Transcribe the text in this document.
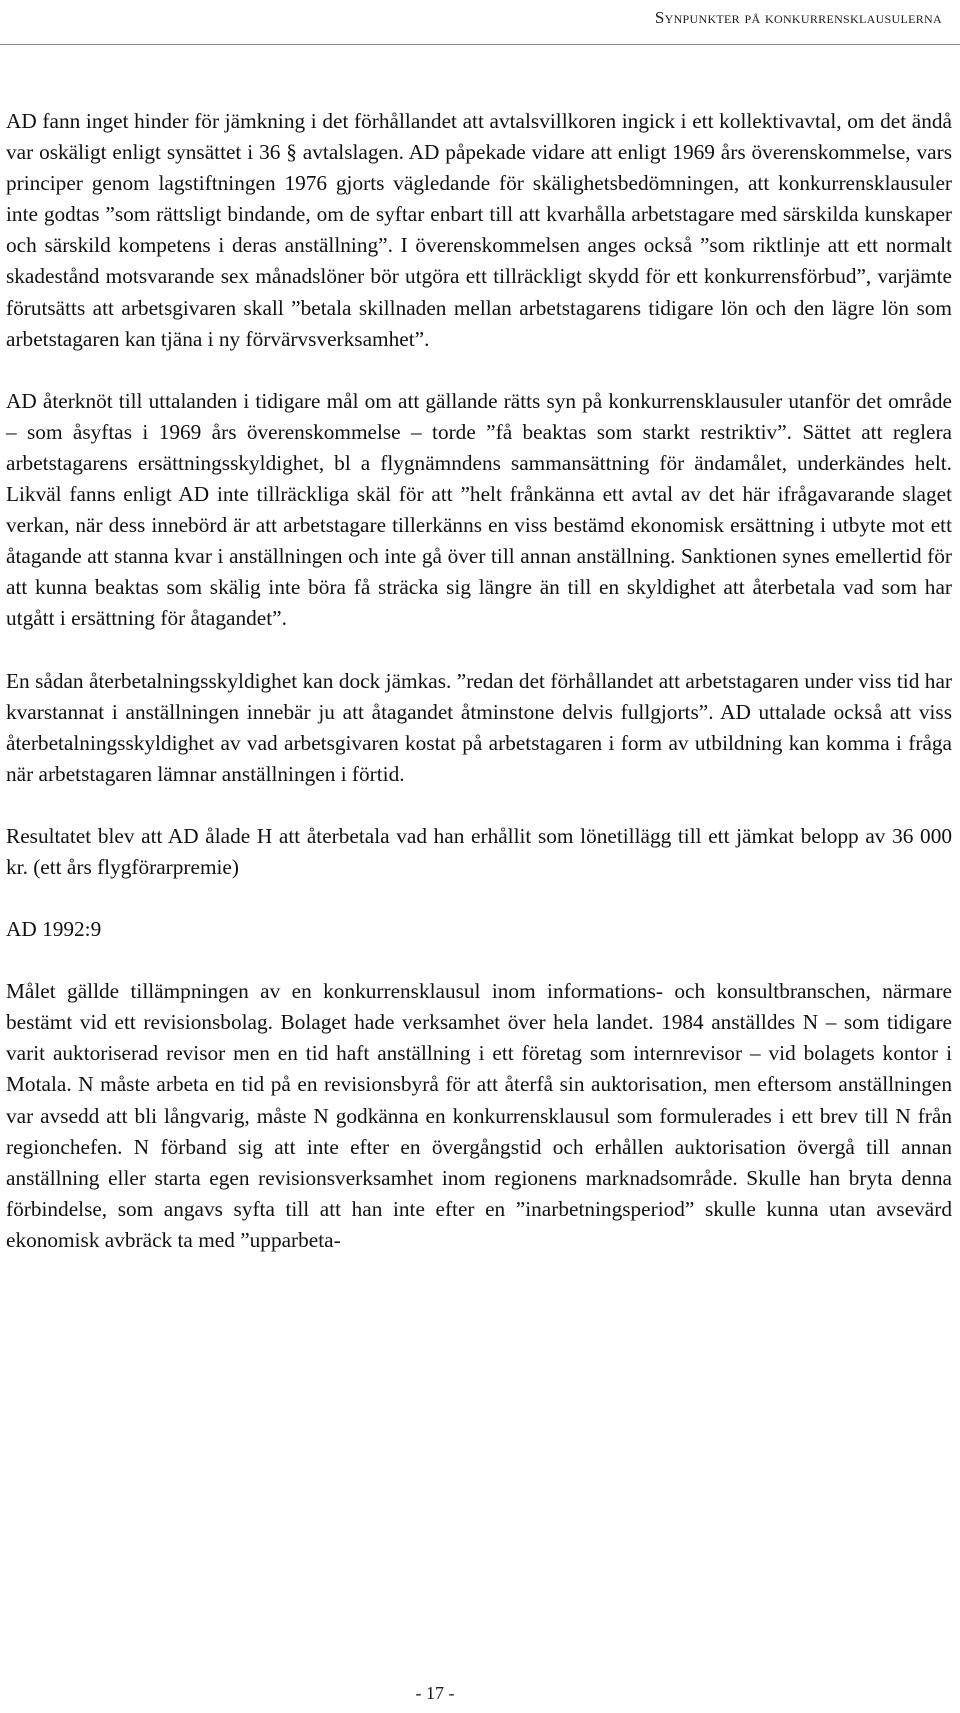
Synpunkter på konkurrensklausulerna

AD fann inget hinder för jämkning i det förhållandet att avtalsvillkoren ingick i ett kollektivavtal, om det ändå var oskäligt enligt synsättet i 36 § avtalslagen. AD påpekade vidare att enligt 1969 års överenskommelse, vars principer genom lagstiftningen 1976 gjorts vägledande för skälighetsbedömningen, att konkurrensklausuler inte godtas ”som rättsligt bindande, om de syftar enbart till att kvarhålla arbetstagare med särskilda kunskaper och särskild kompetens i deras anställning”. I överenskommelsen anges också ”som riktlinje att ett normalt skadestånd motsvarande sex månadslöner bör utgöra ett tillräckligt skydd för ett konkurrensförbud”, varjämte förutsätts att arbetsgivaren skall ”betala skillnaden mellan arbetstagarens tidigare lön och den lägre lön som arbetstagaren kan tjäna i ny förvärvsverksamhet”.

AD återknöt till uttalanden i tidigare mål om att gällande rätts syn på konkurrensklausuler utanför det område – som åsyftas i 1969 års överenskommelse – torde ”få beaktas som starkt restriktiv”. Sättet att reglera arbetstagarens ersättningsskyldighet, bl a flygnämndens sammansättning för ändamålet, underkändes helt. Likväl fanns enligt AD inte tillräckliga skäl för att ”helt frånkänna ett avtal av det här ifrågavarande slaget verkan, när dess innebörd är att arbetstagare tillerkänns en viss bestämd ekonomisk ersättning i utbyte mot ett åtagande att stanna kvar i anställningen och inte gå över till annan anställning. Sanktionen synes emellertid för att kunna beaktas som skälig inte böra få sträcka sig längre än till en skyldighet att återbetala vad som har utgått i ersättning för åtagandet”.

En sådan återbetalningsskyldighet kan dock jämkas. ”redan det förhållandet att arbetstagaren under viss tid har kvarstannat i anställningen innebär ju att åtagandet åtminstone delvis fullgjorts”. AD uttalade också att viss återbetalningsskyldighet av vad arbetsgivaren kostat på arbetstagaren i form av utbildning kan komma i fråga när arbetstagaren lämnar anställningen i förtid.

Resultatet blev att AD ålade H att återbetala vad han erhållit som lönetillägg till ett jämkat belopp av 36 000 kr. (ett års flygförarpremie)

AD 1992:9

Målet gällde tillämpningen av en konkurrensklausul inom informations- och konsultbranschen, närmare bestämt vid ett revisionsbolag. Bolaget hade verksamhet över hela landet. 1984 anställdes N – som tidigare varit auktoriserad revisor men en tid haft anställning i ett företag som internrevisor – vid bolagets kontor i Motala. N måste arbeta en tid på en revisionsbyrå för att återfå sin auktorisation, men eftersom anställningen var avsedd att bli långvarig, måste N godkänna en konkurrensklausul som formulerades i ett brev till N från regionchefen. N förband sig att inte efter en övergångstid och erhållen auktorisation övergå till annan anställning eller starta egen revisionsverksamhet inom regionens marknadsområde. Skulle han bryta denna förbindelse, som angavs syfta till att han inte efter en ”inarbetningsperiod” skulle kunna utan avsevärd ekonomisk avbräck ta med ”upparbeta-

- 17 -
